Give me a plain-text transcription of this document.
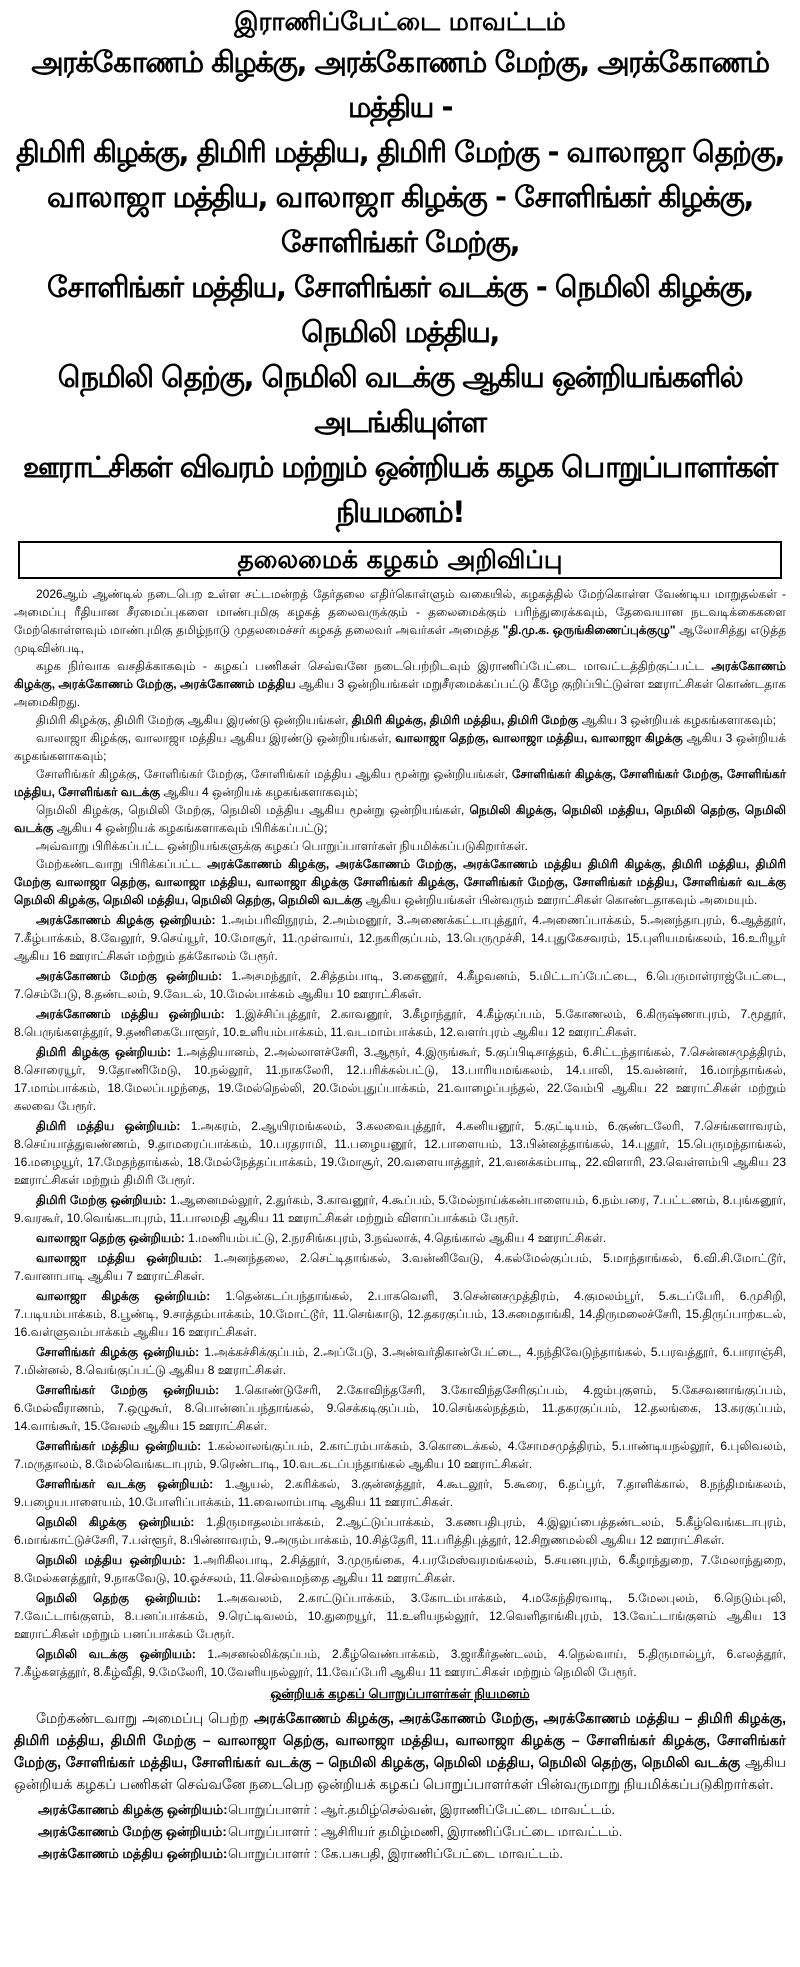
இராணிப்பேட்டை மாவட்டம்
அரக்கோணம் கிழக்கு, அரக்கோணம் மேற்கு, அரக்கோணம் மத்திய -
திமிரி கிழக்கு, திமிரி மத்திய, திமிரி மேற்கு - வாலாஜா தெற்கு,
வாலாஜா மத்திய, வாலாஜா கிழக்கு - சோளிங்கர் கிழக்கு, சோளிங்கர் மேற்கு,
சோளிங்கர் மத்திய, சோளிங்கர் வடக்கு - நெமிலி கிழக்கு, நெமிலி மத்திய,
நெமிலி தெற்கு, நெமிலி வடக்கு ஆகிய ஒன்றியங்களில் அடங்கியுள்ள
ஊராட்சிகள் விவரம் மற்றும் ஒன்றியக் கழக பொறுப்பாளர்கள் நியமனம்!
தலைமைக் கழகம் அறிவிப்பு

2026ஆம் ஆண்டில் நடைபெற உள்ள சட்டமன்றத் தேர்தலை எதிர்கொள்ளும் வகையில், கழகத்தில் மேற்கொள்ள வேண்டிய மாறுதல்கள் - அமைப்பு ரீதியான சீரமைப்புகளை மாண்புமிகு கழகத் தலைவருக்கும் - தலைமைக்கும் பரிந்துரைக்கவும், தேவையான நடவடிக்கைகளை மேற்கொள்ளவும் மாண்புமிகு தமிழ்நாடு முதலமைச்சர் கழகத் தலைவர் அவர்கள் அமைத்த "தி.மு.க. ஒருங்கிணைப்புக்குழு" ஆலோசித்து எடுத்த முடிவின்படி,

கழக நிர்வாக வசதிக்காகவும் - கழகப் பணிகள் செவ்வனே நடைபெற்றிடவும் இராணிப்பேட்டை மாவட்டத்திற்குட்பட்ட அரக்கோணம் கிழக்கு, அரக்கோணம் மேற்கு, அரக்கோணம் மத்திய ஆகிய 3 ஒன்றியங்கள் மறுசீரமைக்கப்பட்டு கீழே குறிப்பிட்டுள்ள ஊராட்சிகள் கொண்டதாக அமைகிறது.

திமிரி கிழக்கு, திமிரி மேற்கு ஆகிய இரண்டு ஒன்றியங்கள், திமிரி கிழக்கு, திமிரி மத்திய, திமிரி மேற்கு ஆகிய 3 ஒன்றியக் கழகங்களாகவும்;

வாலாஜா கிழக்கு, வாலாஜா மத்திய ஆகிய இரண்டு ஒன்றியங்கள், வாலாஜா தெற்கு, வாலாஜா மத்திய, வாலாஜா கிழக்கு ஆகிய 3 ஒன்றியக் கழகங்களாகவும்;

சோளிங்கர் கிழக்கு, சோளிங்கர் மேற்கு, சோளிங்கர் மத்திய ஆகிய மூன்று ஒன்றியங்கள், சோளிங்கர் கிழக்கு, சோளிங்கர் மேற்கு, சோளிங்கர் மத்திய, சோளிங்கர் வடக்கு ஆகிய 4 ஒன்றியக் கழகங்களாகவும்;

நெமிலி கிழக்கு, நெமிலி மேற்கு, நெமிலி மத்திய ஆகிய மூன்று ஒன்றியங்கள், நெமிலி கிழக்கு, நெமிலி மத்திய, நெமிலி தெற்கு, நெமிலி வடக்கு ஆகிய 4 ஒன்றியக் கழகங்களாகவும் பிரிக்கப்பட்டு;

அவ்வாறு பிரிக்கப்பட்ட ஒன்றியங்களுக்கு கழகப் பொறுப்பாளர்கள் நியமிக்கப்படுகிறார்கள்.

மேற்கண்டவாறு பிரிக்கப்பட்ட அரக்கோணம் கிழக்கு, அரக்கோணம் மேற்கு, அரக்கோணம் மத்திய திமிரி கிழக்கு, திமிரி மத்திய, திமிரி மேற்கு வாலாஜா தெற்கு, வாலாஜா மத்திய, வாலாஜா கிழக்கு சோளிங்கர் கிழக்கு, சோளிங்கர் மேற்கு, சோளிங்கர் மத்திய, சோளிங்கர் வடக்கு நெமிலி கிழக்கு, நெமிலி மத்திய, நெமிலி தெற்கு, நெமிலி வடக்கு ஆகிய ஒன்றியங்கள் பின்வரும் ஊராட்சிகள் கொண்டதாகவும் அமையும்.

அரக்கோணம் கிழக்கு ஒன்றியம்: 1.அம்பரிவிநூரம், 2.அம்மனூர், 3.அணைக்கட்டாபுத்தூர், 4.அணைப்பாக்கம், 5.அனந்தாபுரம், 6.ஆத்தூர், 7.கீழ்பாக்கம், 8.வேலூர், 9.செய்யூர், 10.மோசூர், 11.முள்வாய், 12.நகரிகுப்பம், 13.பெருமுச்சி, 14.புதுகேசவரம், 15.புளியமங்கலம், 16.உரியூர் ஆகிய 16 ஊராட்சிகள் மற்றும் தக்கோலம் பேரூர்.

அரக்கோணம் மேற்கு ஒன்றியம்: 1.அசமந்தூர், 2.சித்தம்பாடி, 3.கைனூர், 4.கீழவனம், 5.மிட்டாப்பேட்டை, 6.பெருமாள்ராஜ்பேட்டை, 7.செம்பேடு, 8.தண்டலம், 9.வேடல், 10.மேல்பாக்கம் ஆகிய 10 ஊராட்சிகள்.

அரக்கோணம் மத்திய ஒன்றியம்: 1.இச்சிப்புத்தூர், 2.காவனூர், 3.கீழாந்தூர், 4.கீழ்குப்பம், 5.கோணலம், 6.கிருஷ்ணாபுரம், 7.மூதூர், 8.பெருங்களத்தூர், 9.தணிகைபோளூர், 10.உளியம்பாக்கம், 11.வடமாம்பாக்கம், 12.வளர்புரம் ஆகிய 12 ஊராட்சிகள்.

திமிரி கிழக்கு ஒன்றியம்: 1.அத்தியானம், 2.அல்லாளச்சேரி, 3.ஆரூர், 4.இருங்கூர், 5.குப்பிடிசாத்தம், 6.சிட்டந்தாங்கல், 7.சென்னசமுத்திரம், 8.சொரையூர், 9.தோணிமேடு, 10.நல்லூர், 11.நாகலேரி, 12.பரிக்கல்பட்டு, 13.பாரியமங்கலம், 14.பாலி, 15.வன்னர், 16.மாந்தாங்கல், 17.மாம்பாக்கம், 18.மேலப்பழந்தை, 19.மேல்நெல்லி, 20.மேல்புதுப்பாக்கம், 21.வாழைப்பந்தல், 22.வேம்பி ஆகிய 22 ஊராட்சிகள் மற்றும் கலவை பேரூர்.

திமிரி மத்திய ஒன்றியம்: 1.அகரம், 2.ஆயிரமங்கலம், 3.கலவைபுத்தூர், 4.கனியனூர், 5.குட்டியம், 6.குண்டலேரி, 7.செங்களாவரம், 8.செய்யாத்துவண்ணம், 9.தாமரைப்பாக்கம், 10.பரதராமி, 11.பழையனூர், 12.பாளையம், 13.பின்னத்தாங்கல், 14.புதூர், 15.பெருமந்தாங்கல், 16.மழையூர், 17.மேதந்தாங்கல், 18.மேல்நேத்தப்பாக்கம், 19.மோசூர், 20.வளையாத்தூர், 21.வனக்கம்பாடி, 22.விளாரி, 23.வெள்ளம்பி ஆகிய 23 ஊராட்சிகள் மற்றும் திமிரி பேரூர்.

திமிரி மேற்கு ஒன்றியம்: 1.ஆனைமல்லூர், 2.துர்கம், 3.காவனூர், 4.கூப்பம், 5.மேல்நாய்க்கன்பாளையம், 6.நம்பரை, 7.பட்டணம், 8.புங்கனூர், 9.வரகூர், 10.வெங்கடாபுரம், 11.பாலமதி ஆகிய 11 ஊராட்சிகள் மற்றும் விளாப்பாக்கம் பேரூர்.

வாலாஜா தெற்கு ஒன்றியம்: 1.மணியம்பட்டு, 2.நரசிங்கபுரம், 3.நவ்லாக், 4.தெங்கால் ஆகிய 4 ஊராட்சிகள்.

வாலாஜா மத்திய ஒன்றியம்: 1.அனந்தலை, 2.செட்டிதாங்கல், 3.வன்னிவேடு, 4.கல்மேல்குப்பம், 5.மாந்தாங்கல், 6.வி.சி.மோட்டூர், 7.வானாபாடி ஆகிய 7 ஊராட்சிகள்.

வாலாஜா கிழக்கு ஒன்றியம்: 1.தென்கடப்பந்தாங்கல், 2.பாகவெளி, 3.சென்னசமுத்திரம், 4.குமலம்பூர், 5.கடப்பேரி, 6.முசிறி, 7.படியம்பாக்கம், 8.பூண்டி, 9.சாத்தம்பாக்கம், 10.மோட்டூர், 11.செங்காடு, 12.தகரகுப்பம், 13.சுமைதாங்கி, 14.திருமலைச்சேரி, 15.திருப்பாற்கடல், 16.வள்ளுவம்பாக்கம் ஆகிய 16 ஊராட்சிகள்.

சோளிங்கர் கிழக்கு ஒன்றியம்: 1.அக்கச்சிக்குப்பம், 2.அப்பேடு, 3.அன்வர்திகான்பேட்டை, 4.நந்திவேடுந்தாங்கல், 5.பரவத்தூர், 6.பாராஞ்சி, 7.மின்னல், 8.வெங்குப்பட்டு ஆகிய 8 ஊராட்சிகள்.

சோளிங்கர் மேற்கு ஒன்றியம்: 1.கொண்டுசேரி, 2.கோவிந்தசேரி, 3.கோவிந்தசேரிகுப்பம், 4.ஜம்புகுளம், 5.கேசவனாங்குப்பம், 6.மேல்வீராணம், 7.ஒழுகூர், 8.பொன்னப்பந்தாங்கல், 9.செக்கடிகுப்பம், 10.செங்கல்நத்தம், 11.தகரகுப்பம், 12.தலங்கை, 13.கரகுப்பம், 14.வாங்கூர், 15.வேலம் ஆகிய 15 ஊராட்சிகள்.

சோளிங்கர் மத்திய ஒன்றியம்: 1.கல்லாலங்குப்பம், 2.காட்ரம்பாக்கம், 3.கொடைக்கல், 4.சோமசமுத்திரம், 5.பாண்டியநல்லூர், 6.புலிவலம், 7.மருதாலம், 8.மேல்வெங்கடாபுரம், 9.ரெண்டாடி, 10.வடகடப்பந்தாங்கல் ஆகிய 10 ஊராட்சிகள்.

சோளிங்கர் வடக்கு ஒன்றியம்: 1.ஆயல், 2.கரிக்கல், 3.குன்னத்தூர், 4.கூடலூர், 5.கூரை, 6.தப்பூர், 7.தாளிக்கால், 8.நந்திமங்கலம், 9.பழையபாளையம், 10.போளிப்பாக்கம், 11.வைலாம்பாடி ஆகிய 11 ஊராட்சிகள்.

நெமிலி கிழக்கு ஒன்றியம்: 1.திருமாதலம்பாக்கம், 2.ஆட்டுப்பாக்கம், 3.கணபதிபுரம், 4.இலுப்பைத்தண்டலம், 5.கீழ்வெங்கடாபுரம், 6.மாங்காட்டுச்சேரி, 7.பள்ளூர், 8.பின்னாவரம், 9.அரும்பாக்கம், 10.சித்தேரி, 11.பரித்திபுத்தூர், 12.சிறுணமல்லி ஆகிய 12 ஊராட்சிகள்.

நெமிலி மத்திய ஒன்றியம்: 1.அரிகிலபாடி, 2.சித்தூர், 3.முருங்கை, 4.பரமேஸ்வரமங்கலம், 5.சயனபுரம், 6.கீழாந்துறை, 7.மேலாந்துறை, 8.மேல்களத்தூர், 9.நாகவேடு, 10.ஓச்சலம், 11.செல்வமந்தை ஆகிய 11 ஊராட்சிகள்.

நெமிலி தெற்கு ஒன்றியம்: 1.அகவலம், 2.காட்டுப்பாக்கம், 3.கோடம்பாக்கம், 4.மகேந்திரவாடி, 5.மேலபுலம், 6.நெடும்புலி, 7.வேட்டாங்குளம், 8.பனப்பாக்கம், 9.ரெட்டிவலம், 10.துறையூர், 11.உளியநல்லூர், 12.வெளிதாங்கிபுரம், 13.வேட்டாங்குளம் ஆகிய 13 ஊராட்சிகள் மற்றும் பனப்பாக்கம் பேரூர்.

நெமிலி வடக்கு ஒன்றியம்: 1.அசனல்லிக்குப்பம், 2.கீழ்வெண்பாக்கம், 3.ஜாகீர்தண்டலம், 4.நெல்வாய், 5.திருமால்பூர், 6.எலத்தூர், 7.கீழ்களத்தூர், 8.கீழ்வீதி, 9.மேலேரி, 10.வேளியநல்லூர், 11.வேப்பேரி ஆகிய 11 ஊராட்சிகள் மற்றும் நெமிலி பேரூர்.

ஒன்றியக் கழகப் பொறுப்பாளர்கள் நியமனம்

மேற்கண்டவாறு அமைப்பு பெற்ற அரக்கோணம் கிழக்கு, அரக்கோணம் மேற்கு, அரக்கோணம் மத்திய – திமிரி கிழக்கு, திமிரி மத்திய, திமிரி மேற்கு – வாலாஜா தெற்கு, வாலாஜா மத்திய, வாலாஜா கிழக்கு – சோளிங்கர் கிழக்கு, சோளிங்கர் மேற்கு, சோளிங்கர் மத்திய, சோளிங்கர் வடக்கு – நெமிலி கிழக்கு, நெமிலி மத்திய, நெமிலி தெற்கு, நெமிலி வடக்கு ஆகிய ஒன்றியக் கழகப் பணிகள் செவ்வனே நடைபெற ஒன்றியக் கழகப் பொறுப்பாளர்கள் பின்வருமாறு நியமிக்கப்படுகிறார்கள்.

அரக்கோணம் கிழக்கு ஒன்றியம்: பொறுப்பாளர் : ஆர்.தமிழ்செல்வன், இராணிப்பேட்டை மாவட்டம்.
அரக்கோணம் மேற்கு ஒன்றியம்: பொறுப்பாளர் : ஆசிரியர் தமிழ்மணி, இராணிப்பேட்டை மாவட்டம்.
அரக்கோணம் மத்திய ஒன்றியம்: பொறுப்பாளர் : கே.பசுபதி, இராணிப்பேட்டை மாவட்டம்.
